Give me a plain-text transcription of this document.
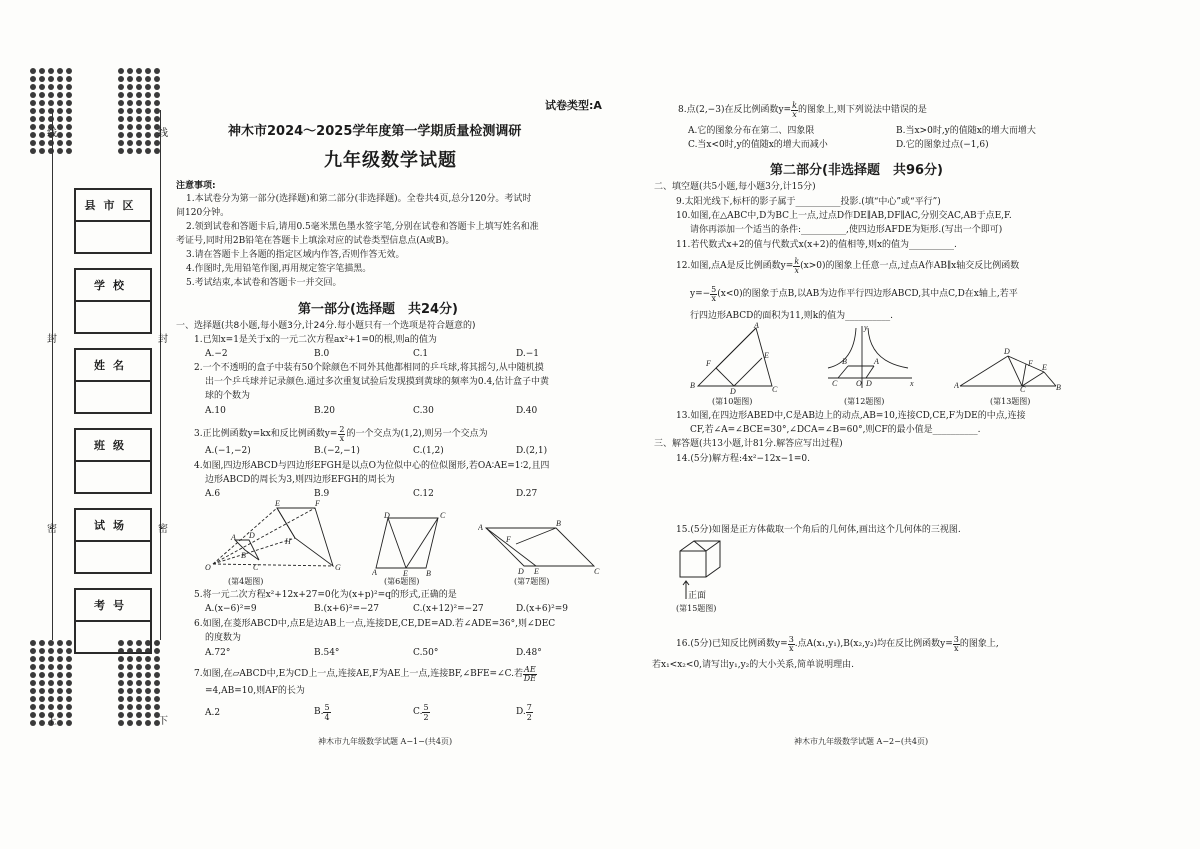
线
线
封
封
密
密
上	下
县市区
学校
姓名
班级
试场
考号
试卷类型:A
神木市2024～2025学年度第一学期质量检测调研
九年级数学试题
注意事项:
1.本试卷分为第一部分(选择题)和第二部分(非选择题)。全卷共4页,总分120分。考试时
间120分钟。
2.领到试卷和答题卡后,请用0.5毫米黑色墨水签字笔,分别在试卷和答题卡上填写姓名和准
考证号,同时用2B铅笔在答题卡上填涂对应的试卷类型信息点(A或B)。
3.请在答题卡上各题的指定区域内作答,否则作答无效。
4.作图时,先用铅笔作图,再用规定签字笔描黑。
5.考试结束,本试卷和答题卡一并交回。
第一部分(选择题　共24分)
一、选择题(共8小题,每小题3分,计24分.每小题只有一个选项是符合题意的)
1.已知x=1是关于x的一元二次方程ax²+1=0的根,则a的值为
A.−2	B.0	C.1	D.−1
2.一个不透明的盒子中装有50个除颜色不同外其他都相同的乒乓球,将其摇匀,从中随机摸
出一个乒乓球并记录颜色.通过多次重复试验后发现摸到黄球的频率为0.4,估计盒子中黄
球的个数为
A.10	B.20	C.30	D.40
3.正比例函数y=kx和反比例函数$y= \frac{2}{x}$ 的一个交点为(1,2),则另一个交点为
A.(−1,−2)	B.(−2,−1)	C.(1,2)	D.(2,1)
4.如图,四边形ABCD与四边形EFGH是以点O为位似中心的位似图形,若OA∶AE=1∶2,且四
边形ABCD的周长为3,则四边形EFGH的周长为
A.6	B.9	C.12	D.27
O
A D
E	F
G
H
C
B
(第4题图)
D	C
A	E B
(第6题图)
A	B
F
D E	C
(第7题图)
5.将一元二次方程x²+12x+27=0化为(x+p)²=q的形式,正确的是
A.(x−6)²=9	B.(x+6)²=−27	C.(x+12)²=−27	D.(x+6)²=9
6.如图,在菱形ABCD中,点E是边AB上一点,连接DE,CE,DE=AD.若∠ADE=36°,则∠DEC
的度数为
A.72°	B.54°	C.50°	D.48°
7.如图,在▱ABCD中,E为CD上一点,连接AE,F为AE上一点,连接BF,∠BFE=∠C.若 $\frac{AE}{DE}$
=4,AB=10,则AF的长为
A.2	B. $\frac{5}{4}$	C. $\frac{5}{2}$	D. $\frac{7}{2}$
神木市九年级数学试题 A−1−(共4页)
8.点(2,−3)在反比例函数$y= \frac{k}{x}$ 的图象上,则下列说法中错误的是
A.它的图象分布在第二、四象限	B.当x>0时,y的值随x的增大而增大
C.当x<0时,y的值随x的增大而减小	D.它的图象过点(−1,6)
第二部分(非选择题　共96分)
二、填空题(共5小题,每小题3分,计15分)
9.太阳光线下,标杆的影子属于__________投影.(填“中心”或“平行”)
10.如图,在△ABC中,D为BC上一点,过点D作DE∥AB,DF∥AC,分别交AC,AB于点E,F.
请你再添加一个适当的条件:__________,使四边形AFDE为矩形.(写出一个即可)
11.若代数式x+2的值与代数式x(x+2)的值相等,则x的值为__________.
12.如图,点A是反比例函数$y= \frac{k}{x} (x>0)$的图象上任意一点,过点A作AB∥x轴交反比例函数
$y=- \frac{5}{x} (x<0)$的图象于点B,以AB为边作平行四边形ABCD,其中点C,D在x轴上,若平
行四边形ABCD的面积为11,则k的值为__________.
A
F
E
B
D	C
(第10题图)
y
x
O
B	A
C	D
(第12题图)
A
D
E
F
C	B
(第13题图)
13.如图,在四边形ABED中,C是AB边上的动点,AB=10,连接CD,CE,F为DE的中点,连接
CF,若∠A=∠BCE=30°,∠DCA=∠B=60°,则CF的最小值是__________.
三、解答题(共13小题,计81分.解答应写出过程)
14.(5分)解方程:4x²−12x−1=0.
15.(5分)如图是正方体截取一个角后的几何体,画出这个几何体的三视图.
正面
(第15题图)
16.(5分)已知反比例函数$y= \frac{3}{x}$ .点A(x₁,y₁),B(x₂,y₂)均在反比例函数$y= \frac{3}{x}$ 的图象上,
若x₁<x₂<0,请写出y₁,y₂的大小关系,简单说明理由.
神木市九年级数学试题 A−2−(共4页)
